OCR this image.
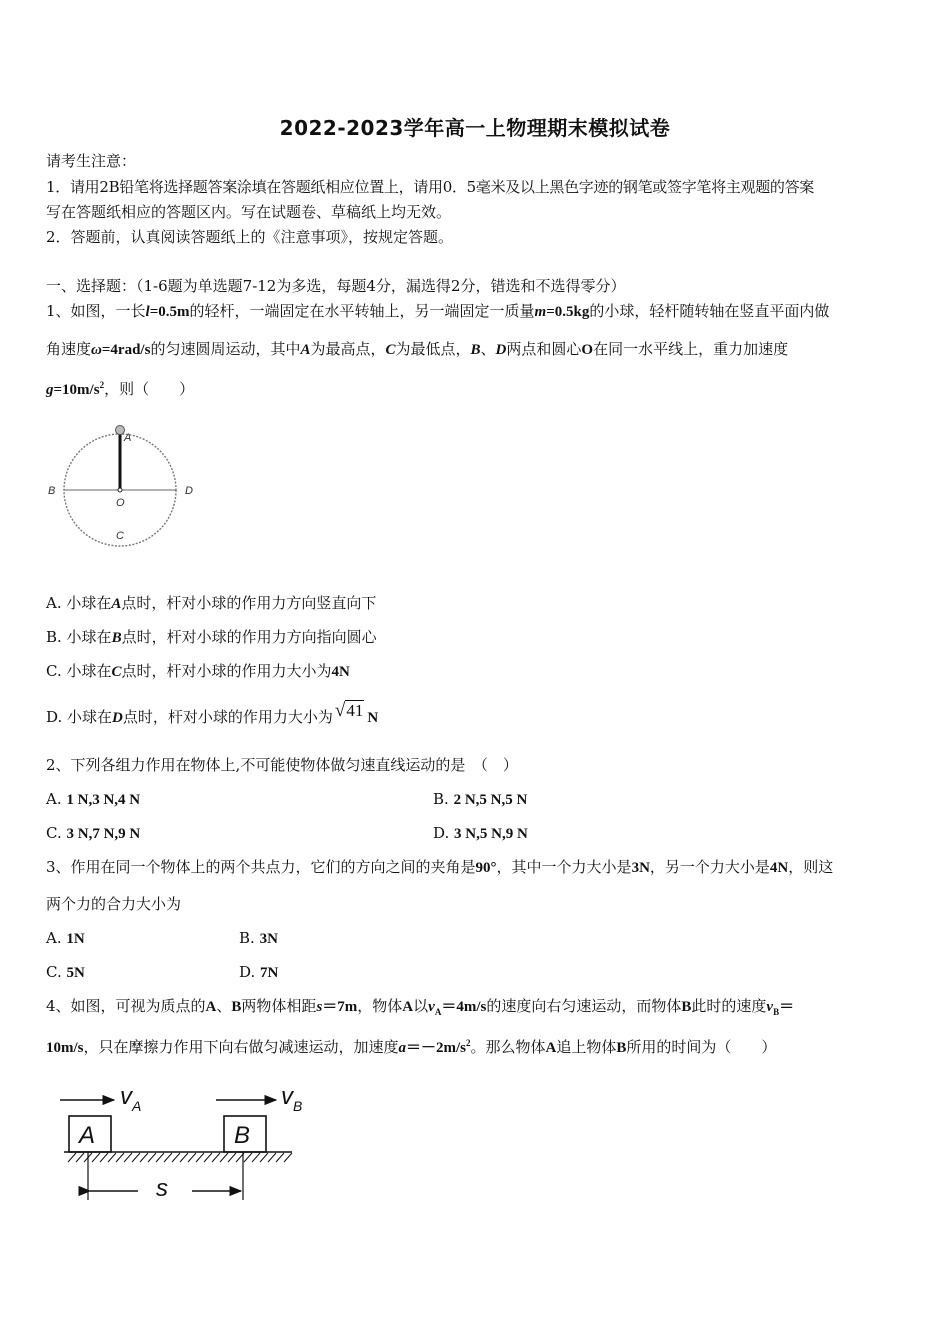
2022-2023学年高一上物理期末模拟试卷
请考生注意：
1．请用2B铅笔将选择题答案涂填在答题纸相应位置上，请用0．5毫米及以上黑色字迹的钢笔或签字笔将主观题的答案
写在答题纸相应的答题区内。写在试题卷、草稿纸上均无效。
2．答题前，认真阅读答题纸上的《注意事项》，按规定答题。
一、选择题：（1-6题为单选题7-12为多选，每题4分，漏选得2分，错选和不选得零分）
1、如图，一长l=0.5m的轻杆，一端固定在水平转轴上，另一端固定一质量m=0.5kg的小球，轻杆随转轴在竖直平面内做
角速度ω=4rad/s的匀速圆周运动，其中A为最高点，C为最低点，B、D两点和圆心O在同一水平线上，重力加速度
$g=10m/s^2$，则（　　）
A
B	D
O
C
A. 小球在A点时，杆对小球的作用力方向竖直向下
B. 小球在B点时，杆对小球的作用力方向指向圆心
C. 小球在C点时，杆对小球的作用力大小为4N
D. 小球在D点时，杆对小球的作用力大小为 √41 N
2、下列各组力作用在物体上,不可能使物体做匀速直线运动的是　（　）
A. 1 N,3 N,4 N	B. 2 N,5 N,5 N
C. 3 N,7 N,9 N	D. 3 N,5 N,9 N
3、作用在同一个物体上的两个共点力，它们的方向之间的夹角是90°，其中一个力大小是3N，另一个力大小是4N，则这
两个力的合力大小为
A. 1N	B. 3N
C. 5N	D. 7N
4、如图，可视为质点的A、B两物体相距s＝7m，物体A以$v_A=4m/s$的速度向右匀速运动，而物体B此时的速度$v_B=$
10m/s，只在摩擦力作用下向右做匀减速运动，加速度$a=-2m/s^2$。那么物体A追上物体B所用的时间为（　　）
$v_A$	$v_B$
A	B
s
